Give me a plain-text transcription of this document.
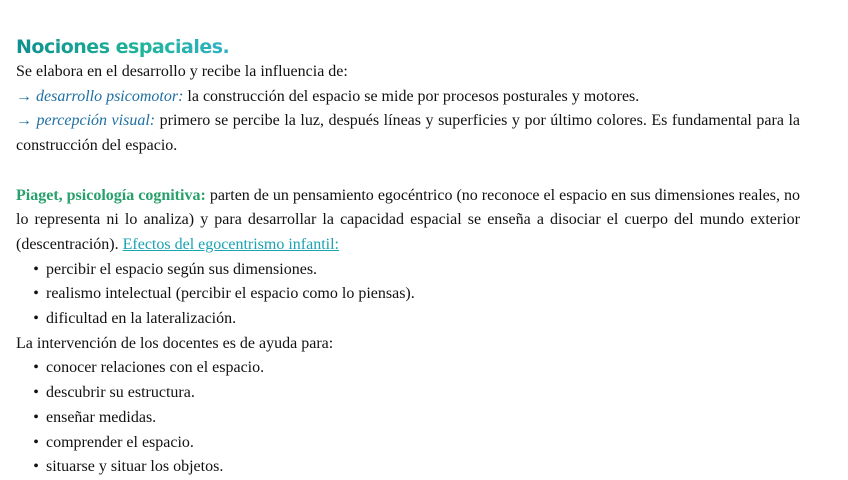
Nociones espaciales.

Se elabora en el desarrollo y recibe la influencia de:

→ desarrollo psicomotor: la construcción del espacio se mide por procesos posturales y motores.

→ percepción visual: primero se percibe la luz, después líneas y superficies y por último colores. Es fundamental para la construcción del espacio.

Piaget, psicología cognitiva: parten de un pensamiento egocéntrico (no reconoce el espacio en sus dimensiones reales, no lo representa ni lo analiza) y para desarrollar la capacidad espacial se enseña a disociar el cuerpo del mundo exterior (descentración). Efectos del egocentrismo infantil:

• percibir el espacio según sus dimensiones.
• realismo intelectual (percibir el espacio como lo piensas).
• dificultad en la lateralización.

La intervención de los docentes es de ayuda para:

• conocer relaciones con el espacio.
• descubrir su estructura.
• enseñar medidas.
• comprender el espacio.
• situarse y situar los objetos.
